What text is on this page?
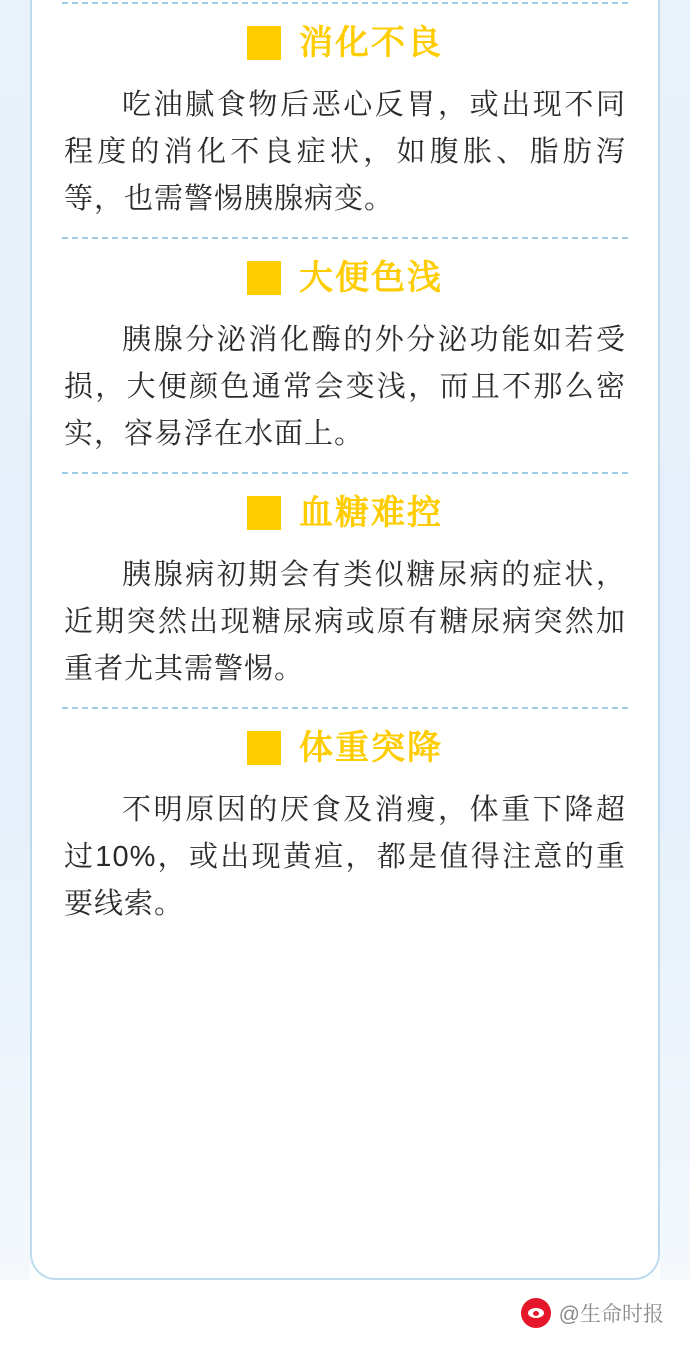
消化不良
吃油腻食物后恶心反胃，或出现不同程度的消化不良症状，如腹胀、脂肪泻等，也需警惕胰腺病变。
大便色浅
胰腺分泌消化酶的外分泌功能如若受损，大便颜色通常会变浅，而且不那么密实，容易浮在水面上。
血糖难控
胰腺病初期会有类似糖尿病的症状，近期突然出现糖尿病或原有糖尿病突然加重者尤其需警惕。
体重突降
不明原因的厌食及消瘦，体重下降超过10%，或出现黄疸，都是值得注意的重要线索。
@生命时报
